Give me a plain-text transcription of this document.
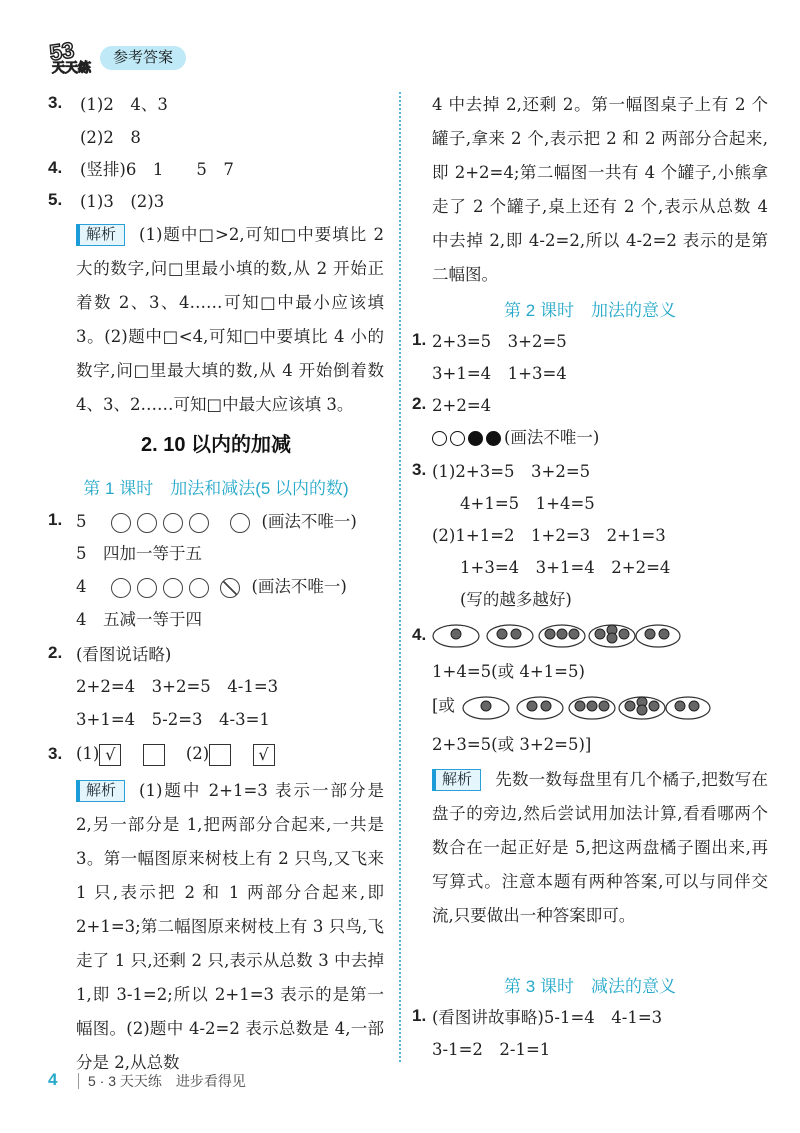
53
天天练
参考答案
3. (1)2　4、3
(2)2　8
4. (竖排)6　1　　5　7
5. (1)3　(2)3
解析 (1)题中□>2,可知□中要填比 2 大的数字,问□里最小填的数,从 2 开始正着数 2、3、4……可知□中最小应该填 3。(2)题中□<4,可知□中要填比 4 小的数字,问□里最大填的数,从 4 开始倒着数 4、3、2……可知□中最大应该填 3。
2. 10 以内的加减
第 1 课时　加法和减法(5 以内的数)
1. 5	(画法不唯一)
5　四加一等于五
4	(画法不唯一)
4　五减一等于四
2. (看图说话略)
2+2=4　3+2=5　4-1=3
3+1=4　5-2=3　4-3=1
3. (1) √	(2)	√
解析 (1)题中 2+1=3 表示一部分是 2,另一部分是 1,把两部分合起来,一共是 3。第一幅图原来树枝上有 2 只鸟,又飞来 1 只,表示把 2 和 1 两部分合起来,即 2+1=3;第二幅图原来树枝上有 3 只鸟,飞走了 1 只,还剩 2 只,表示从总数 3 中去掉 1,即 3-1=2;所以 2+1=3 表示的是第一幅图。(2)题中 4-2=2 表示总数是 4,一部分是 2,从总数
4 中去掉 2,还剩 2。第一幅图桌子上有 2 个罐子,拿来 2 个,表示把 2 和 2 两部分合起来,即 2+2=4;第二幅图一共有 4 个罐子,小熊拿走了 2 个罐子,桌上还有 2 个,表示从总数 4 中去掉 2,即 4-2=2,所以 4-2=2 表示的是第二幅图。
第 2 课时　加法的意义
1. 2+3=5　3+2=5
3+1=4　1+3=4
2. 2+2=4
(画法不唯一)
3. (1)2+3=5　3+2=5
4+1=5　1+4=5
(2)1+1=2　1+2=3　2+1=3
1+3=4　3+1=4　2+2=4
(写的越多越好)
4.
1+4=5(或 4+1=5)
[或
2+3=5(或 3+2=5)]
解析 先数一数每盘里有几个橘子,把数写在盘子的旁边,然后尝试用加法计算,看看哪两个数合在一起正好是 5,把这两盘橘子圈出来,再写算式。注意本题有两种答案,可以与同伴交流,只要做出一种答案即可。
第 3 课时　减法的意义
1. (看图讲故事略)5-1=4　4-1=3
3-1=2　2-1=1
4 5 · 3 天天练　进步看得见
